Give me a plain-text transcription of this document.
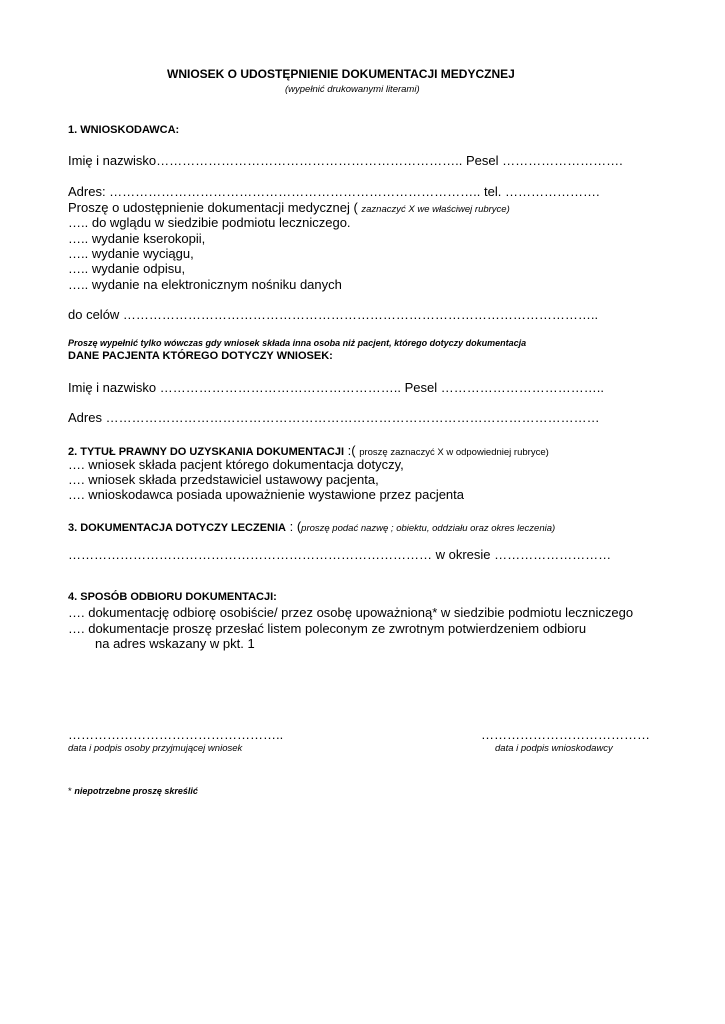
WNIOSEK O UDOSTĘPNIENIE DOKUMENTACJI MEDYCZNEJ
(wypełnić drukowanymi literami)
1. WNIOSKODAWCA:
Imię i nazwisko…………………………………………………………….. Pesel ……………………….
Adres: ………………………………………………………………………….. tel. ………………….
Proszę o udostępnienie dokumentacji medycznej ( zaznaczyć X we właściwej rubryce)
….. do wglądu w siedzibie podmiotu leczniczego.
….. wydanie kserokopii,
….. wydanie wyciągu,
….. wydanie odpisu,
….. wydanie na elektronicznym nośniku danych
do celów ………………………………………………………………………………………………..
Proszę wypełnić tylko wówczas gdy wniosek składa inna osoba niż pacjent, którego dotyczy dokumentacja
DANE PACJENTA KTÓREGO DOTYCZY WNIOSEK:
Imię i nazwisko ……………………………………………….. Pesel ………………………………..
Adres ……………………………………………………………………………………………………
2. TYTUŁ PRAWNY DO UZYSKANIA DOKUMENTACJI :( proszę zaznaczyć X w odpowiedniej rubryce)
…. wniosek składa pacjent którego dokumentacja dotyczy,
…. wniosek składa przedstawiciel ustawowy pacjenta,
…. wnioskodawca posiada upoważnienie wystawione przez pacjenta
3. DOKUMENTACJA DOTYCZY LECZENIA : (proszę podać nazwę ; obiektu, oddziału oraz okres leczenia)
………………………………………………………………………… w okresie ………………………
4. SPOSÓB ODBIORU DOKUMENTACJI:
…. dokumentację odbiorę osobiście/ przez osobę upoważnioną* w siedzibie podmiotu leczniczego
…. dokumentacje proszę przesłać listem poleconym ze zwrotnym potwierdzeniem odbioru
na adres wskazany w pkt. 1
…………………………………………..
data i podpis osoby przyjmującej wniosek
…………………………………
data i podpis wnioskodawcy
* niepotrzebne proszę skreślić
